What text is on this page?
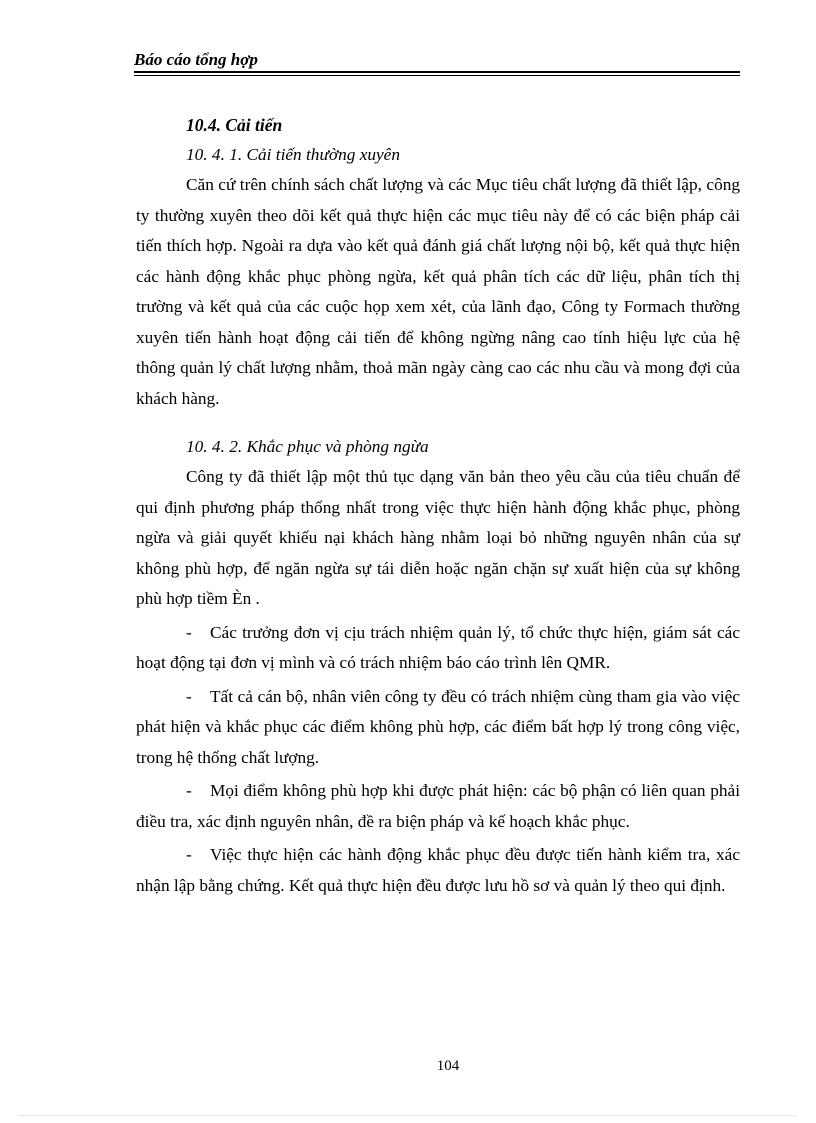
Báo cáo tổng hợp
10.4. Cải tiến
10. 4. 1. Cải tiến thường xuyên

Căn cứ trên chính sách chất lượng và các Mục tiêu chất lượng đã thiết lập, công ty thường xuyên theo dõi kết quả thực hiện các mục tiêu này để có các biện pháp cải tiến thích hợp. Ngoài ra dựa vào kết quả đánh giá chất lượng nội bộ, kết quả thực hiện các hành động khắc phục phòng ngừa, kết quả phân tích các dữ liệu, phân tích thị trường và kết quả của các cuộc họp xem xét, của lãnh đạo, Công ty Formach thường xuyên tiến hành hoạt động cải tiến để không ngừng nâng cao tính hiệu lực của hệ thông quản lý chất lượng nhằm, thoả mãn ngày càng cao các nhu cầu và mong đợi của khách hàng.

10. 4. 2. Khắc phục và phòng ngừa

Công ty đã thiết lập một thủ tục dạng văn bản theo yêu cầu của tiêu chuẩn để qui định phương pháp thống nhất trong việc thực hiện hành động khắc phục, phòng ngừa và giải quyết khiếu nại khách hàng nhằm loại bỏ những nguyên nhân của sự không phù hợp, để ngăn ngừa sự tái diễn hoặc ngăn chặn sự xuất hiện của sự không phù hợp tiềm Èn .

- Các trưởng đơn vị cịu trách nhiệm quản lý, tổ chức thực hiện, giám sát các hoạt động tại đơn vị mình và có trách nhiệm báo cáo trình lên QMR.

- Tất cả cán bộ, nhân viên công ty đều có trách nhiệm cùng tham gia vào việc phát hiện và khắc phục các điểm không phù hợp, các điểm bất hợp lý trong công việc, trong hệ thống chất lượng.

- Mọi điểm không phù hợp khi được phát hiện: các bộ phận có liên quan phải điều tra, xác định nguyên nhân, đề ra biện pháp và kế hoạch khắc phục.

- Việc thực hiện các hành động khắc phục đều được tiến hành kiểm tra, xác nhận lập bằng chứng. Kết quả thực hiện đều được lưu hồ sơ và quản lý theo qui định.

104
